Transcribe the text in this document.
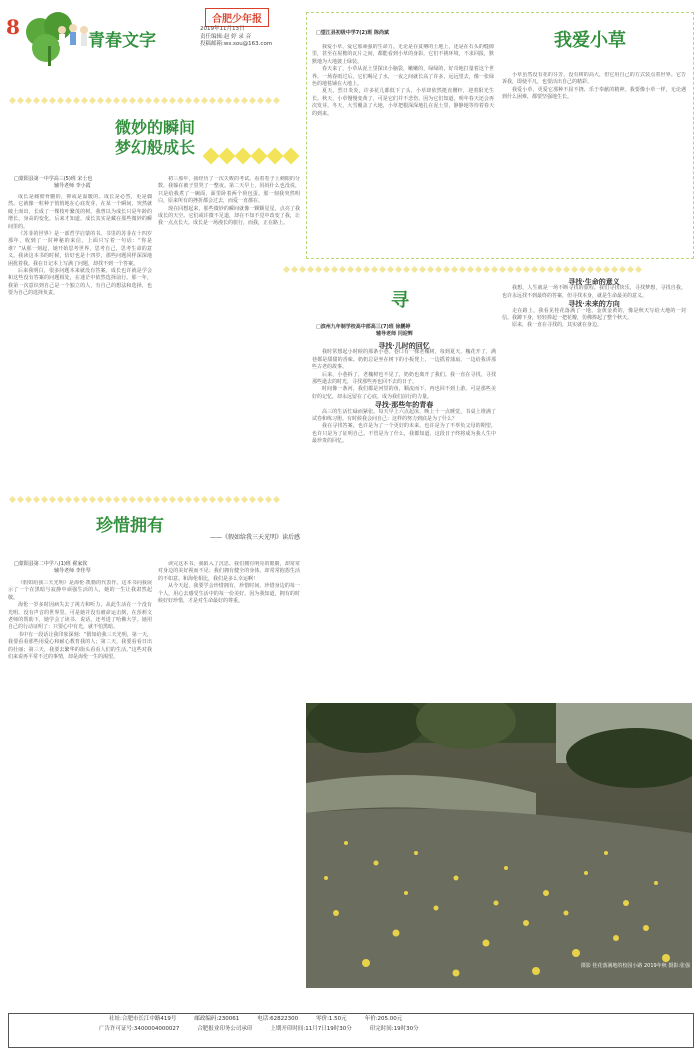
8
青春文字
合肥少年报
2019年11月13日
责任编辑:赵 婷 录 音
投稿邮箱:ws.sou@163.com
微妙的瞬间
梦幻般成长
□蒙阳县第一中学高三(5)班 宋士也
辅导老师 李小霞

成长是痛彻骨髓的，抑或是温暖的。成长是必然，更是偶然。它就像一粒种子悄悄地在心底发芽，在某一个瞬间，突然就破土而出，长成了一棵枝叶繁茂的树。我曾以为成长只是年龄的增长，身高的变化，后来才知道，成长其实是藏在那些微妙的瞬间里的。

《苏菲的世界》是一部哲学启蒙的书。书里的苏菲在十四岁那年，收到了一封神秘的来信，上面只写着一句话：“你是谁？”从那一刻起，她开始思考世界，思考自己，思考生命的意义。我读这本书的时候，恰好也是十四岁，那些问题同样深深地困扰着我。我在日记本上写满了问题，却找不到一个答案。

后来我明白，很多问题本来就没有答案。成长也许就是学会和这些没有答案的问题相处，在迷茫中依然选择前行。那一年，我第一次意识到自己是一个独立的人，有自己的想法和选择，也要为自己的选择负责。

初三那年，我经历了一次失败的考试。看着卷子上刺眼的分数，我躲在被子里哭了一整夜。第二天早上，妈妈什么也没说，只是给我煮了一碗面，面里卧着两个荷包蛋。那一刻我突然明白，原来所有的挫折都会过去，而爱一直都在。

现在回想起来，那些微妙的瞬间就像一颗颗星星，点亮了我成长的天空。它们或许微不足道，却在不知不觉中改变了我，让我一点点长大。成长是一场漫长的旅行，而我，正在路上。

珍惜拥有
——《假如给我三天光明》读后感
□蒙阳县第二中学八(1)班 翟家钦
辅导老师 李佳琴

《假如给我三天光明》是海伦·凯勒的代表作。这本书向我展示了一个在黑暗与寂静中顽强生活的人，她的一生让我肃然起敬。

海伦一岁多时因病失去了视力和听力，从此生活在一个没有光明、没有声音的世界里。可是她并没有被命运击倒，在莎莉文老师的帮助下，她学会了读书、说话，还考进了哈佛大学。她用自己的行动证明了：只要心中有光，就不怕黑暗。

书中有一段话让我印象深刻：“假如给我三天光明，第一天，我要看看那些用爱心和耐心教育我的人；第二天，我要看看日出的壮丽；第三天，我要去繁华的街头看看人们的生活。”这些对我们来说再平常不过的事情，却是海伦一生的渴望。

读完这本书，我陷入了沉思。我们拥有明亮的眼睛，却常常对身边的美好视而不见；我们拥有健全的身体，却常常抱怨生活的不如意。和海伦相比，我们是多么幸运啊！

从今天起，我要学会珍惜拥有，珍惜时间，珍惜身边的每一个人，用心去感受生活中的每一份美好。因为我知道，拥有的时候好好珍惜，才是对生命最好的尊重。

□望江县初级中学7(2)班 陈尚斌	我爱小草

我爱小草，爱它那顽强的生命力。无论是在贫瘠的土地上，还是在石头的缝隙里，甚至在屋檐的瓦片之间，都能看到小草的身影。它们不挑环境，不求回报，默默地为大地披上绿装。

春天来了，小草从泥土里探出小脑袋，嫩嫩的，绿绿的，好奇地打量着这个世界。一场春雨过后，它们喝足了水，一夜之间就长高了许多，远远望去，像一张绿色的地毯铺在大地上。

夏天，烈日炎炎，许多花儿都低下了头，小草却依然挺直腰杆，迎着阳光生长。秋天，小草慢慢变黄了，可是它们并不悲伤，因为它们知道，明年春天还会再次发芽。冬天，大雪覆盖了大地，小草把根深深地扎在泥土里，静静地等待着春天的到来。

小草虽然没有花的芬芳，没有树的高大，但它用自己的方式装点着世界。它告诉我，即使平凡，也要活出自己的精彩。

我爱小草，更爱它那种不屈不挠、乐于奉献的精神。我要像小草一样，无论遇到什么困难，都要坚强地生长。

寻
□滨州九年制学校高中部高三(7)班 徐鹏婷
辅导老师 闫迎辉
寻找·儿时的回忆

我时常想起小时候的那条小巷。巷口有一棵老槐树，每到夏天，槐花开了，满巷都是甜甜的香味。奶奶总是坐在树下的小板凳上，一边摇着蒲扇，一边给我讲那些古老的故事。

后来，小巷拆了，老槐树也不见了，奶奶也离开了我们。我一直在寻找，寻找那些逝去的时光，寻找那些再也回不去的日子。

时间像一条河，我们都是河里的鱼，顺流而下，再也回不到上游。可是那些美好的记忆，却永远留在了心底，成为我们前行的力量。

寻找·那些年的青春

高三的生活忙碌而紧张。每天早上六点起床，晚上十一点睡觉，书桌上堆满了试卷和练习册。有时候我会问自己：这样的努力到底是为了什么？

我在寻找答案。也许是为了一个更好的未来，也许是为了不辜负父母的期望，也许只是为了证明自己。不管是为了什么，我都知道，这段日子终将成为我人生中最珍贵的回忆。

寻找·生命的意义

我想，人生就是一场不断寻找的旅程。我们寻找快乐，寻找梦想，寻找自我。也许永远找不到最终的答案，但寻找本身，就是生命最美的意义。

寻找·未来的方向

走在路上，我看见桂花落满了一地，金黄金黄的，像是秋天写给大地的一封信。我蹲下身，轻轻捧起一把花瓣，仿佛捧起了整个秋天。

原来，我一直在寻找的，其实就在身边。

摄影 桂花落满地的校园小路 2019年秋 摄影:张强
社址:合肥市长江中路419号	邮政编码:230061	电话:62822300	零价:1.50元	年价:205.00元
广告许可证号:3400004000027	合肥报业印务公司承印	上期开印时间:11月7日19时30分	印完时间:19时30分
